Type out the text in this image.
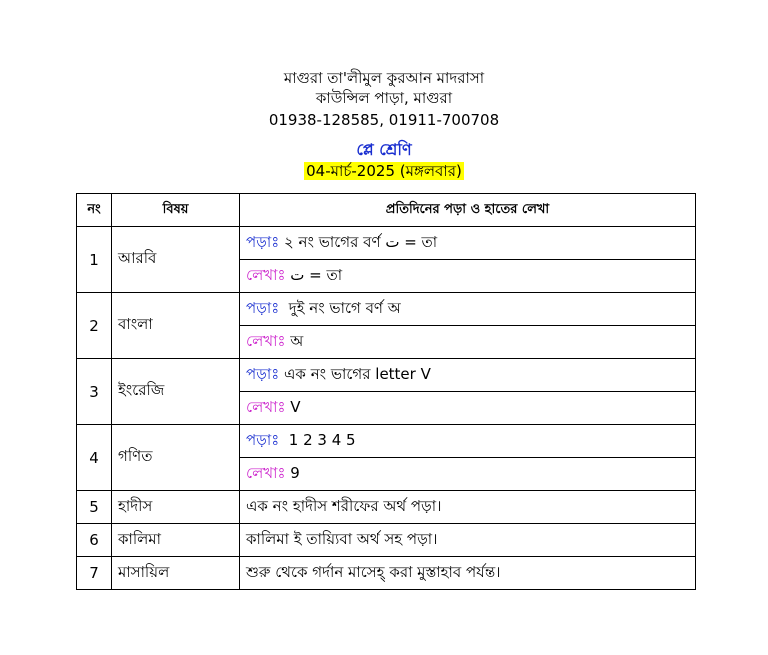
মাগুরা তা'লীমুল কুরআন মাদরাসা
কাউন্সিল পাড়া, মাগুরা
01938-128585, 01911-700708
প্লে শ্রেণি
04-মার্চ-2025 (মঙ্গলবার)
নং	বিষয়	প্রতিদিনের পড়া ও হাতের লেখা
1	আরবি	পড়াঃ ২ নং ভাগের বর্ণ ت = তা
		লেখাঃ ت = তা
2	বাংলা	পড়াঃ  দুই নং ভাগে বর্ণ অ
		লেখাঃ অ
3	ইংরেজি	পড়াঃ এক নং ভাগের letter V
		লেখাঃ V
4	গণিত	পড়াঃ  1 2 3 4 5
		লেখাঃ 9
5	হাদীস	এক নং হাদীস শরীফের অর্থ পড়া।
6	কালিমা	কালিমা ই তায়্যিবা অর্থ সহ পড়া।
7	মাসায়িল	শুরু থেকে গর্দান মাসেহ্ করা মুস্তাহাব পর্যন্ত।
